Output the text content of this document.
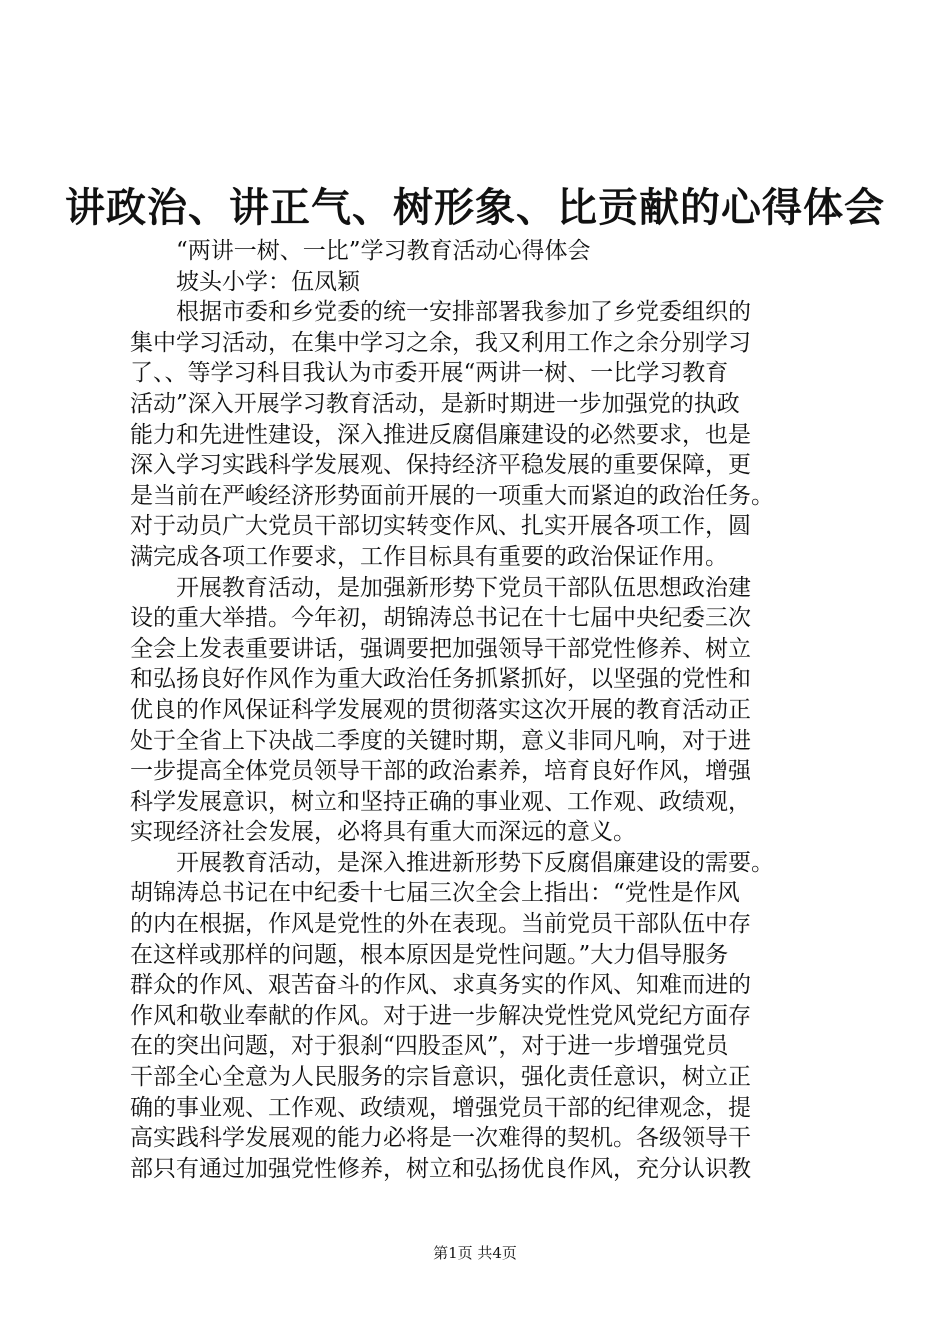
讲政治、讲正气、树形象、比贡献的心得体会
“两讲一树、一比”学习教育活动心得体会
坡头小学：伍凤颖
根据市委和乡党委的统一安排部署我参加了乡党委组织的
集中学习活动，在集中学习之余，我又利用工作之余分别学习
了、、等学习科目我认为市委开展“两讲一树、一比学习教育
活动”深入开展学习教育活动，是新时期进一步加强党的执政
能力和先进性建设，深入推进反腐倡廉建设的必然要求，也是
深入学习实践科学发展观、保持经济平稳发展的重要保障，更
是当前在严峻经济形势面前开展的一项重大而紧迫的政治任务。
对于动员广大党员干部切实转变作风、扎实开展各项工作，圆
满完成各项工作要求，工作目标具有重要的政治保证作用。
开展教育活动，是加强新形势下党员干部队伍思想政治建
设的重大举措。今年初，胡锦涛总书记在十七届中央纪委三次
全会上发表重要讲话，强调要把加强领导干部党性修养、树立
和弘扬良好作风作为重大政治任务抓紧抓好，以坚强的党性和
优良的作风保证科学发展观的贯彻落实这次开展的教育活动正
处于全省上下决战二季度的关键时期，意义非同凡响，对于进
一步提高全体党员领导干部的政治素养，培育良好作风，增强
科学发展意识，树立和坚持正确的事业观、工作观、政绩观，
实现经济社会发展，必将具有重大而深远的意义。
开展教育活动，是深入推进新形势下反腐倡廉建设的需要。
胡锦涛总书记在中纪委十七届三次全会上指出：“党性是作风
的内在根据，作风是党性的外在表现。当前党员干部队伍中存
在这样或那样的问题，根本原因是党性问题。”大力倡导服务
群众的作风、艰苦奋斗的作风、求真务实的作风、知难而进的
作风和敬业奉献的作风。对于进一步解决党性党风党纪方面存
在的突出问题，对于狠刹“四股歪风”，对于进一步增强党员
干部全心全意为人民服务的宗旨意识，强化责任意识，树立正
确的事业观、工作观、政绩观，增强党员干部的纪律观念，提
高实践科学发展观的能力必将是一次难得的契机。各级领导干
部只有通过加强党性修养，树立和弘扬优良作风，充分认识教
第1页 共4页
